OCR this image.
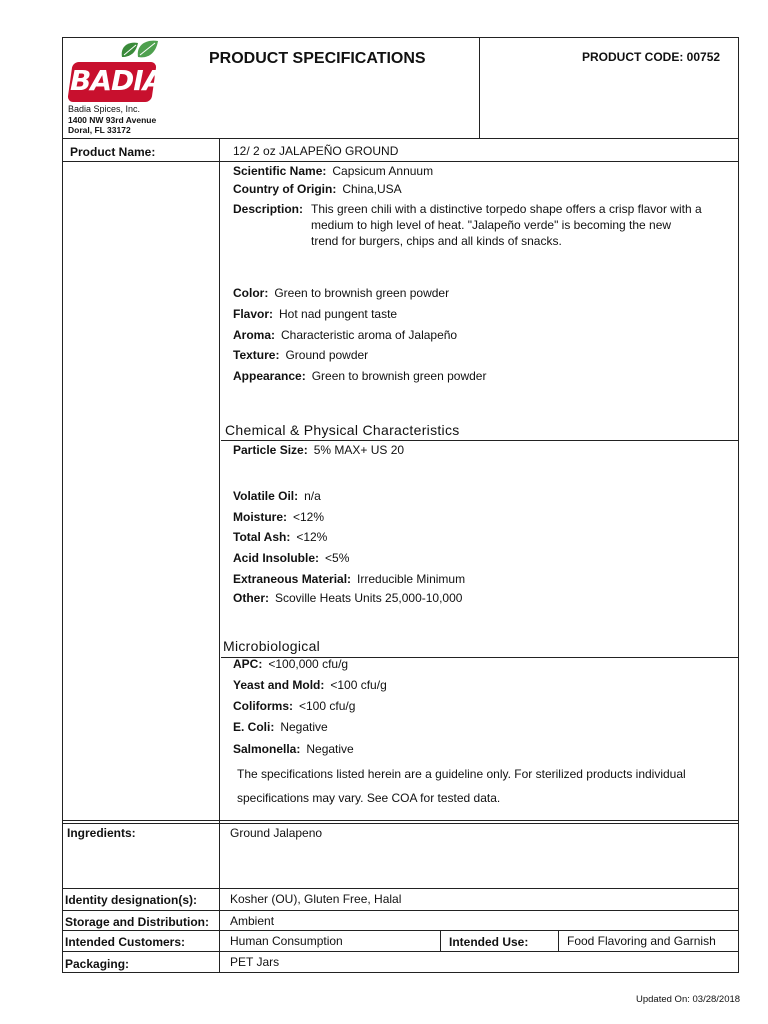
BADIA
Badia Spices, Inc.
1400 NW 93rd Avenue
Doral, FL 33172
PRODUCT SPECIFICATIONS	PRODUCT CODE: 00752
Product Name:	12/ 2 oz JALAPEÑO GROUND
Scientific Name: Capsicum Annuum
Country of Origin: China,USA
Description: This green chili with a distinctive torpedo shape offers a crisp flavor with a
medium to high level of heat. "Jalapeño verde" is becoming the new
trend for burgers, chips and all kinds of snacks.
Color: Green to brownish green powder
Flavor: Hot nad pungent taste
Aroma: Characteristic aroma of Jalapeño
Texture: Ground powder
Appearance: Green to brownish green powder
Chemical & Physical Characteristics
Particle Size: 5% MAX+ US 20
Volatile Oil: n/a
Moisture: <12%
Total Ash: <12%
Acid Insoluble: <5%
Extraneous Material: Irreducible Minimum
Other: Scoville Heats Units 25,000-10,000
Microbiological
APC: <100,000 cfu/g
Yeast and Mold: <100 cfu/g
Coliforms: <100 cfu/g
E. Coli: Negative
Salmonella: Negative
The specifications listed herein are a guideline only. For sterilized products individual
specifications may vary. See COA for tested data.
Ingredients:	Ground Jalapeno
Identity designation(s):	Kosher (OU), Gluten Free, Halal
Storage and Distribution: Ambient
Intended Customers:	Human Consumption	Intended Use:	Food Flavoring and Garnish
Packaging:	PET Jars
Updated On: 03/28/2018
